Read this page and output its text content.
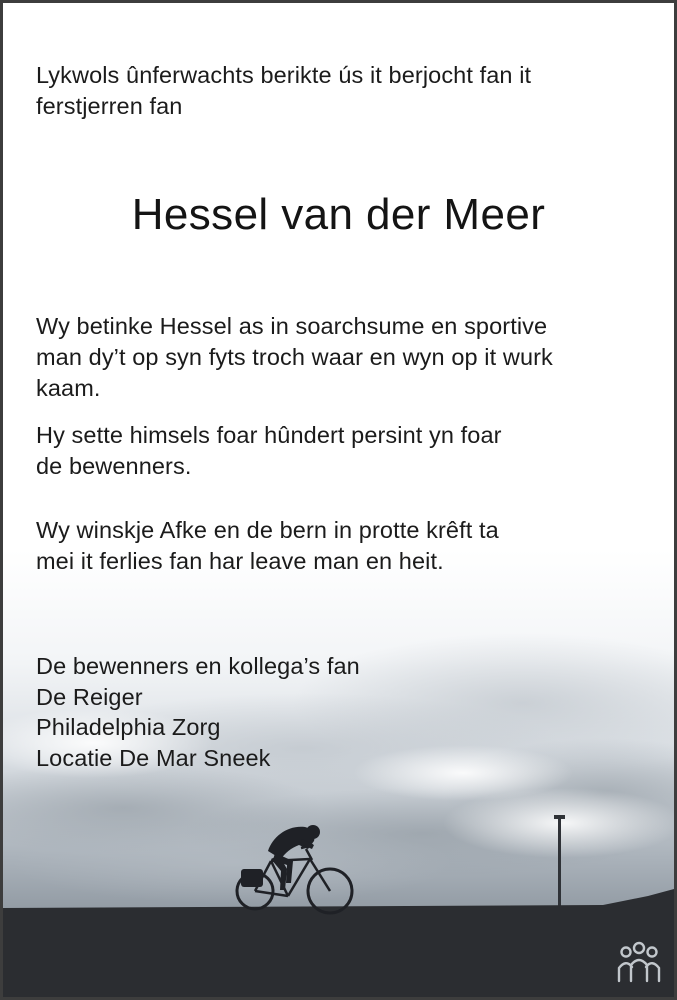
Lykwols ûnferwachts berikte ús it berjocht fan it
ferstjerren fan
Hessel van der Meer
Wy betinke Hessel as in soarchsume en sportive
man dy’t op syn fyts troch waar en wyn op it wurk
kaam.
Hy sette himsels foar hûndert persint yn foar
de bewenners.
Wy winskje Afke en de bern in protte krêft ta
mei it ferlies fan har leave man en heit.
De bewenners en kollega’s fan
De Reiger
Philadelphia Zorg
Locatie De Mar Sneek
